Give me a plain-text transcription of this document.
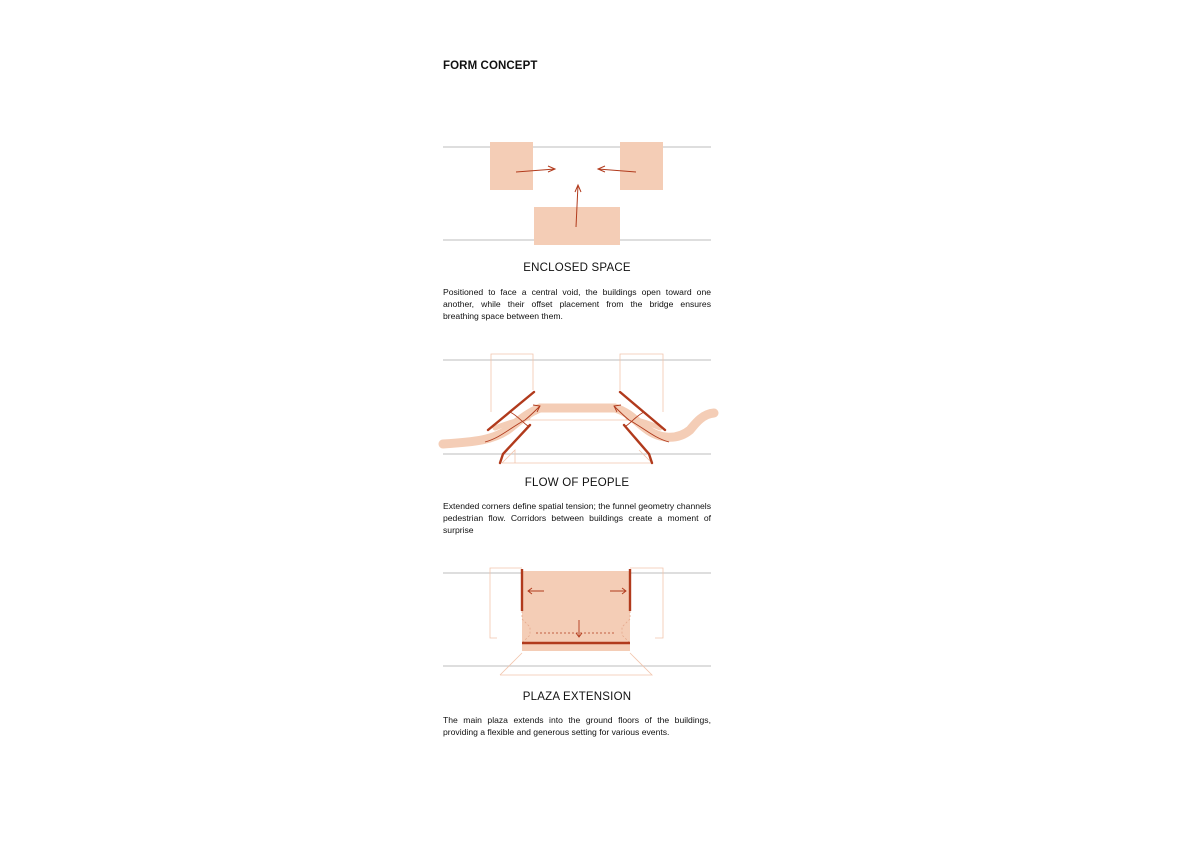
FORM CONCEPT
ENCLOSED SPACE
Positioned to face a central void, the buildings open toward one another, while their offset placement from the bridge ensures breathing space between them.
FLOW OF PEOPLE
Extended corners define spatial tension; the funnel geometry channels pedestrian flow. Corridors between buildings create a moment of surprise
PLAZA EXTENSION
The main plaza extends into the ground floors of the buildings, providing a flexible and generous setting for various events.
